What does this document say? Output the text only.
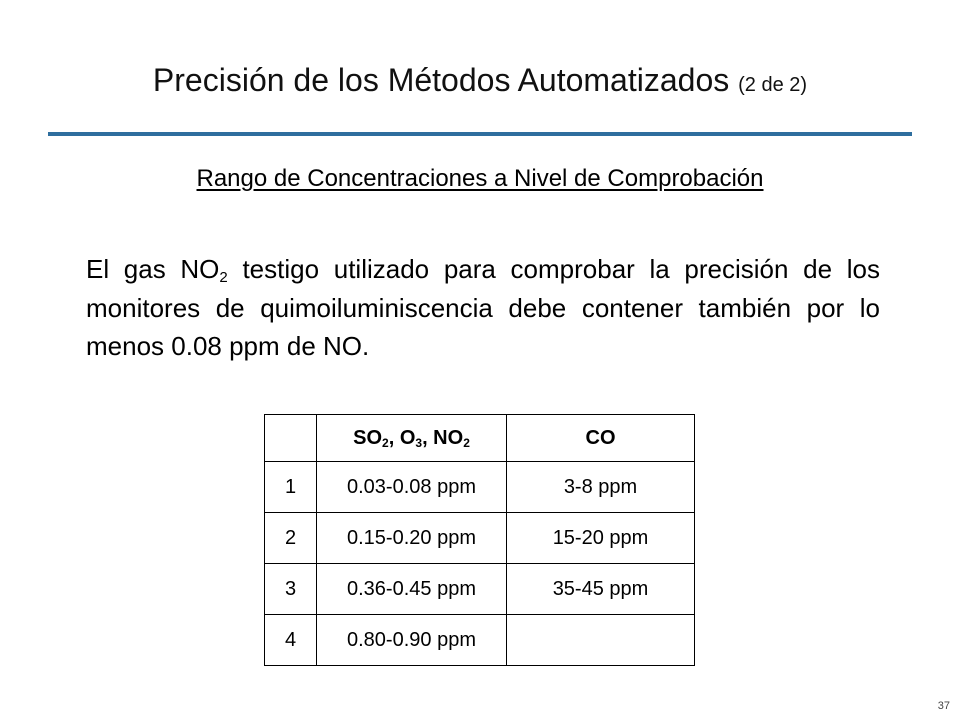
Precisión de los Métodos Automatizados (2 de 2)
Rango de Concentraciones a Nivel de Comprobación
El gas $NO_2$ testigo utilizado para comprobar la precisión de los monitores de quimoiluminiscencia debe contener también por lo menos 0.08 ppm de NO.
	$SO_2$, $O_3$, $NO_2$	CO
1	0.03-0.08 ppm	3-8 ppm
2	0.15-0.20 ppm	15-20 ppm
3	0.36-0.45 ppm	35-45 ppm
4	0.80-0.90 ppm	
37
